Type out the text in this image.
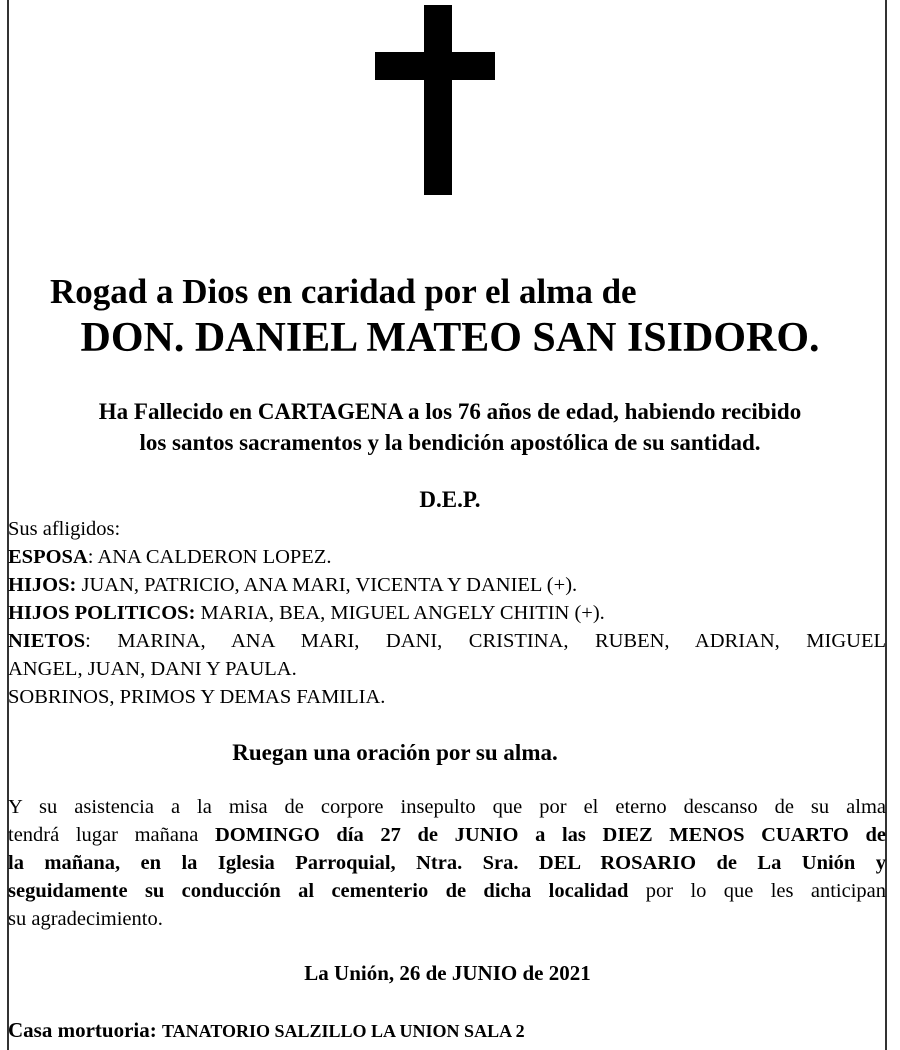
Rogad a Dios en caridad por el alma de
DON. DANIEL MATEO SAN ISIDORO.
Ha Fallecido en CARTAGENA a los 76 años de edad, habiendo recibido
los santos sacramentos y la bendición apostólica de su santidad.
D.E.P.
Sus afligidos:
ESPOSA: ANA CALDERON LOPEZ.
HIJOS: JUAN, PATRICIO, ANA MARI, VICENTA Y DANIEL (+).
HIJOS POLITICOS: MARIA, BEA, MIGUEL ANGELY CHITIN (+).
NIETOS: MARINA, ANA MARI, DANI, CRISTINA, RUBEN, ADRIAN, MIGUEL
ANGEL, JUAN, DANI Y PAULA.
SOBRINOS, PRIMOS Y DEMAS FAMILIA.
Ruegan una oración por su alma.
Y su asistencia a la misa de corpore insepulto que por el eterno descanso de su alma
tendrá lugar mañana DOMINGO día 27 de JUNIO a las DIEZ MENOS CUARTO de
la mañana, en la Iglesia Parroquial, Ntra. Sra. DEL ROSARIO de La Unión y
seguidamente su conducción al cementerio de dicha localidad por lo que les anticipan
su agradecimiento.
La Unión, 26 de JUNIO de 2021
Casa mortuoria: TANATORIO SALZILLO LA UNION SALA 2
